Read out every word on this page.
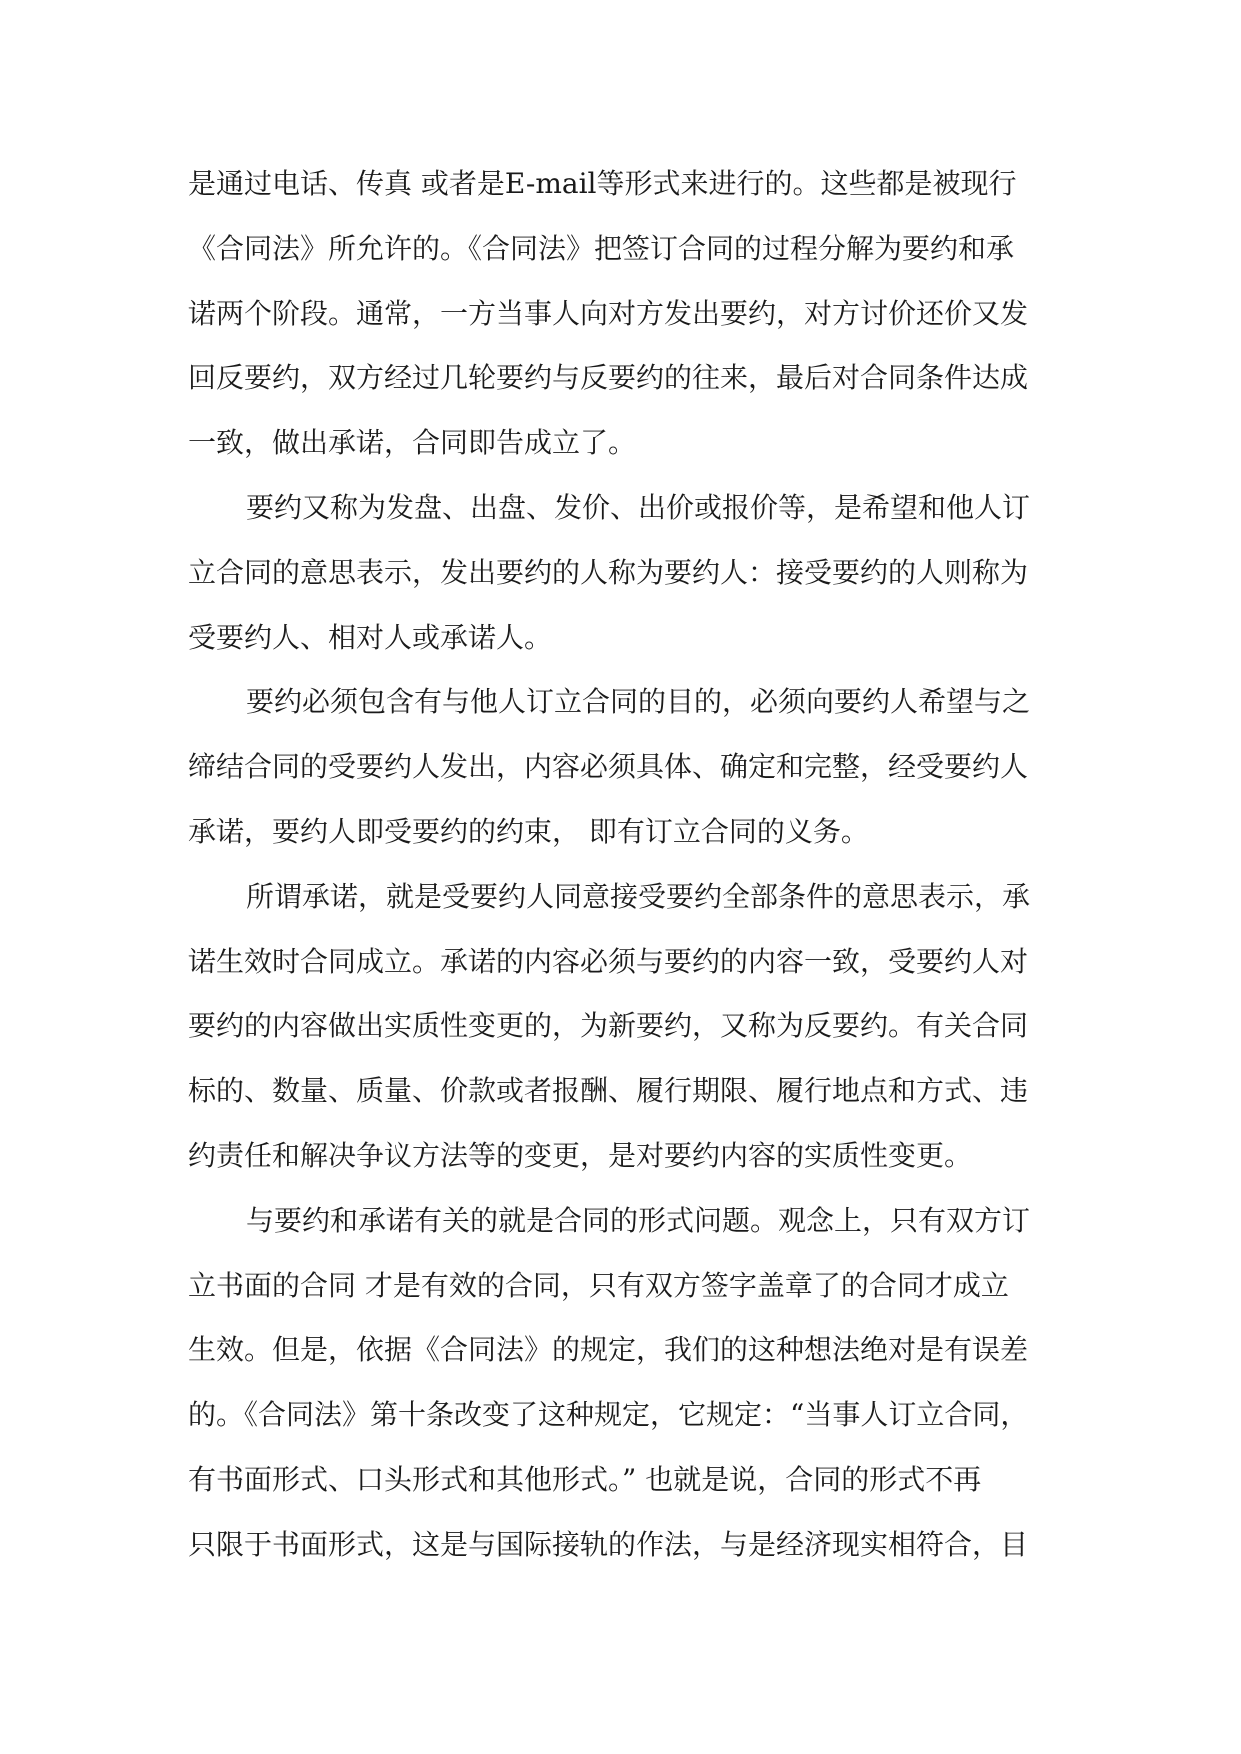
是通过电话、传真 或者是E-mail等形式来进行的。这些都是被现行
《合同法》所允许的。《合同法》把签订合同的过程分解为要约和承
诺两个阶段。通常，一方当事人向对方发出要约，对方讨价还价又发
回反要约，双方经过几轮要约与反要约的往来，最后对合同条件达成
一致，做出承诺，合同即告成立了。
要约又称为发盘、出盘、发价、出价或报价等，是希望和他人订
立合同的意思表示，发出要约的人称为要约人：接受要约的人则称为
受要约人、相对人或承诺人。
要约必须包含有与他人订立合同的目的，必须向要约人希望与之
缔结合同的受要约人发出，内容必须具体、确定和完整，经受要约人
承诺，要约人即受要约的约束， 即有订立合同的义务。
所谓承诺，就是受要约人同意接受要约全部条件的意思表示，承
诺生效时合同成立。承诺的内容必须与要约的内容一致，受要约人对
要约的内容做出实质性变更的，为新要约，又称为反要约。有关合同
标的、数量、质量、价款或者报酬、履行期限、履行地点和方式、违
约责任和解决争议方法等的变更，是对要约内容的实质性变更。
与要约和承诺有关的就是合同的形式问题。观念上，只有双方订
立书面的合同 才是有效的合同，只有双方签字盖章了的合同才成立
生效。但是，依据《合同法》的规定，我们的这种想法绝对是有误差
的。《合同法》第十条改变了这种规定，它规定：“当事人订立合同，
有书面形式、口头形式和其他形式。” 也就是说，合同的形式不再
只限于书面形式，这是与国际接轨的作法，与是经济现实相符合，目
